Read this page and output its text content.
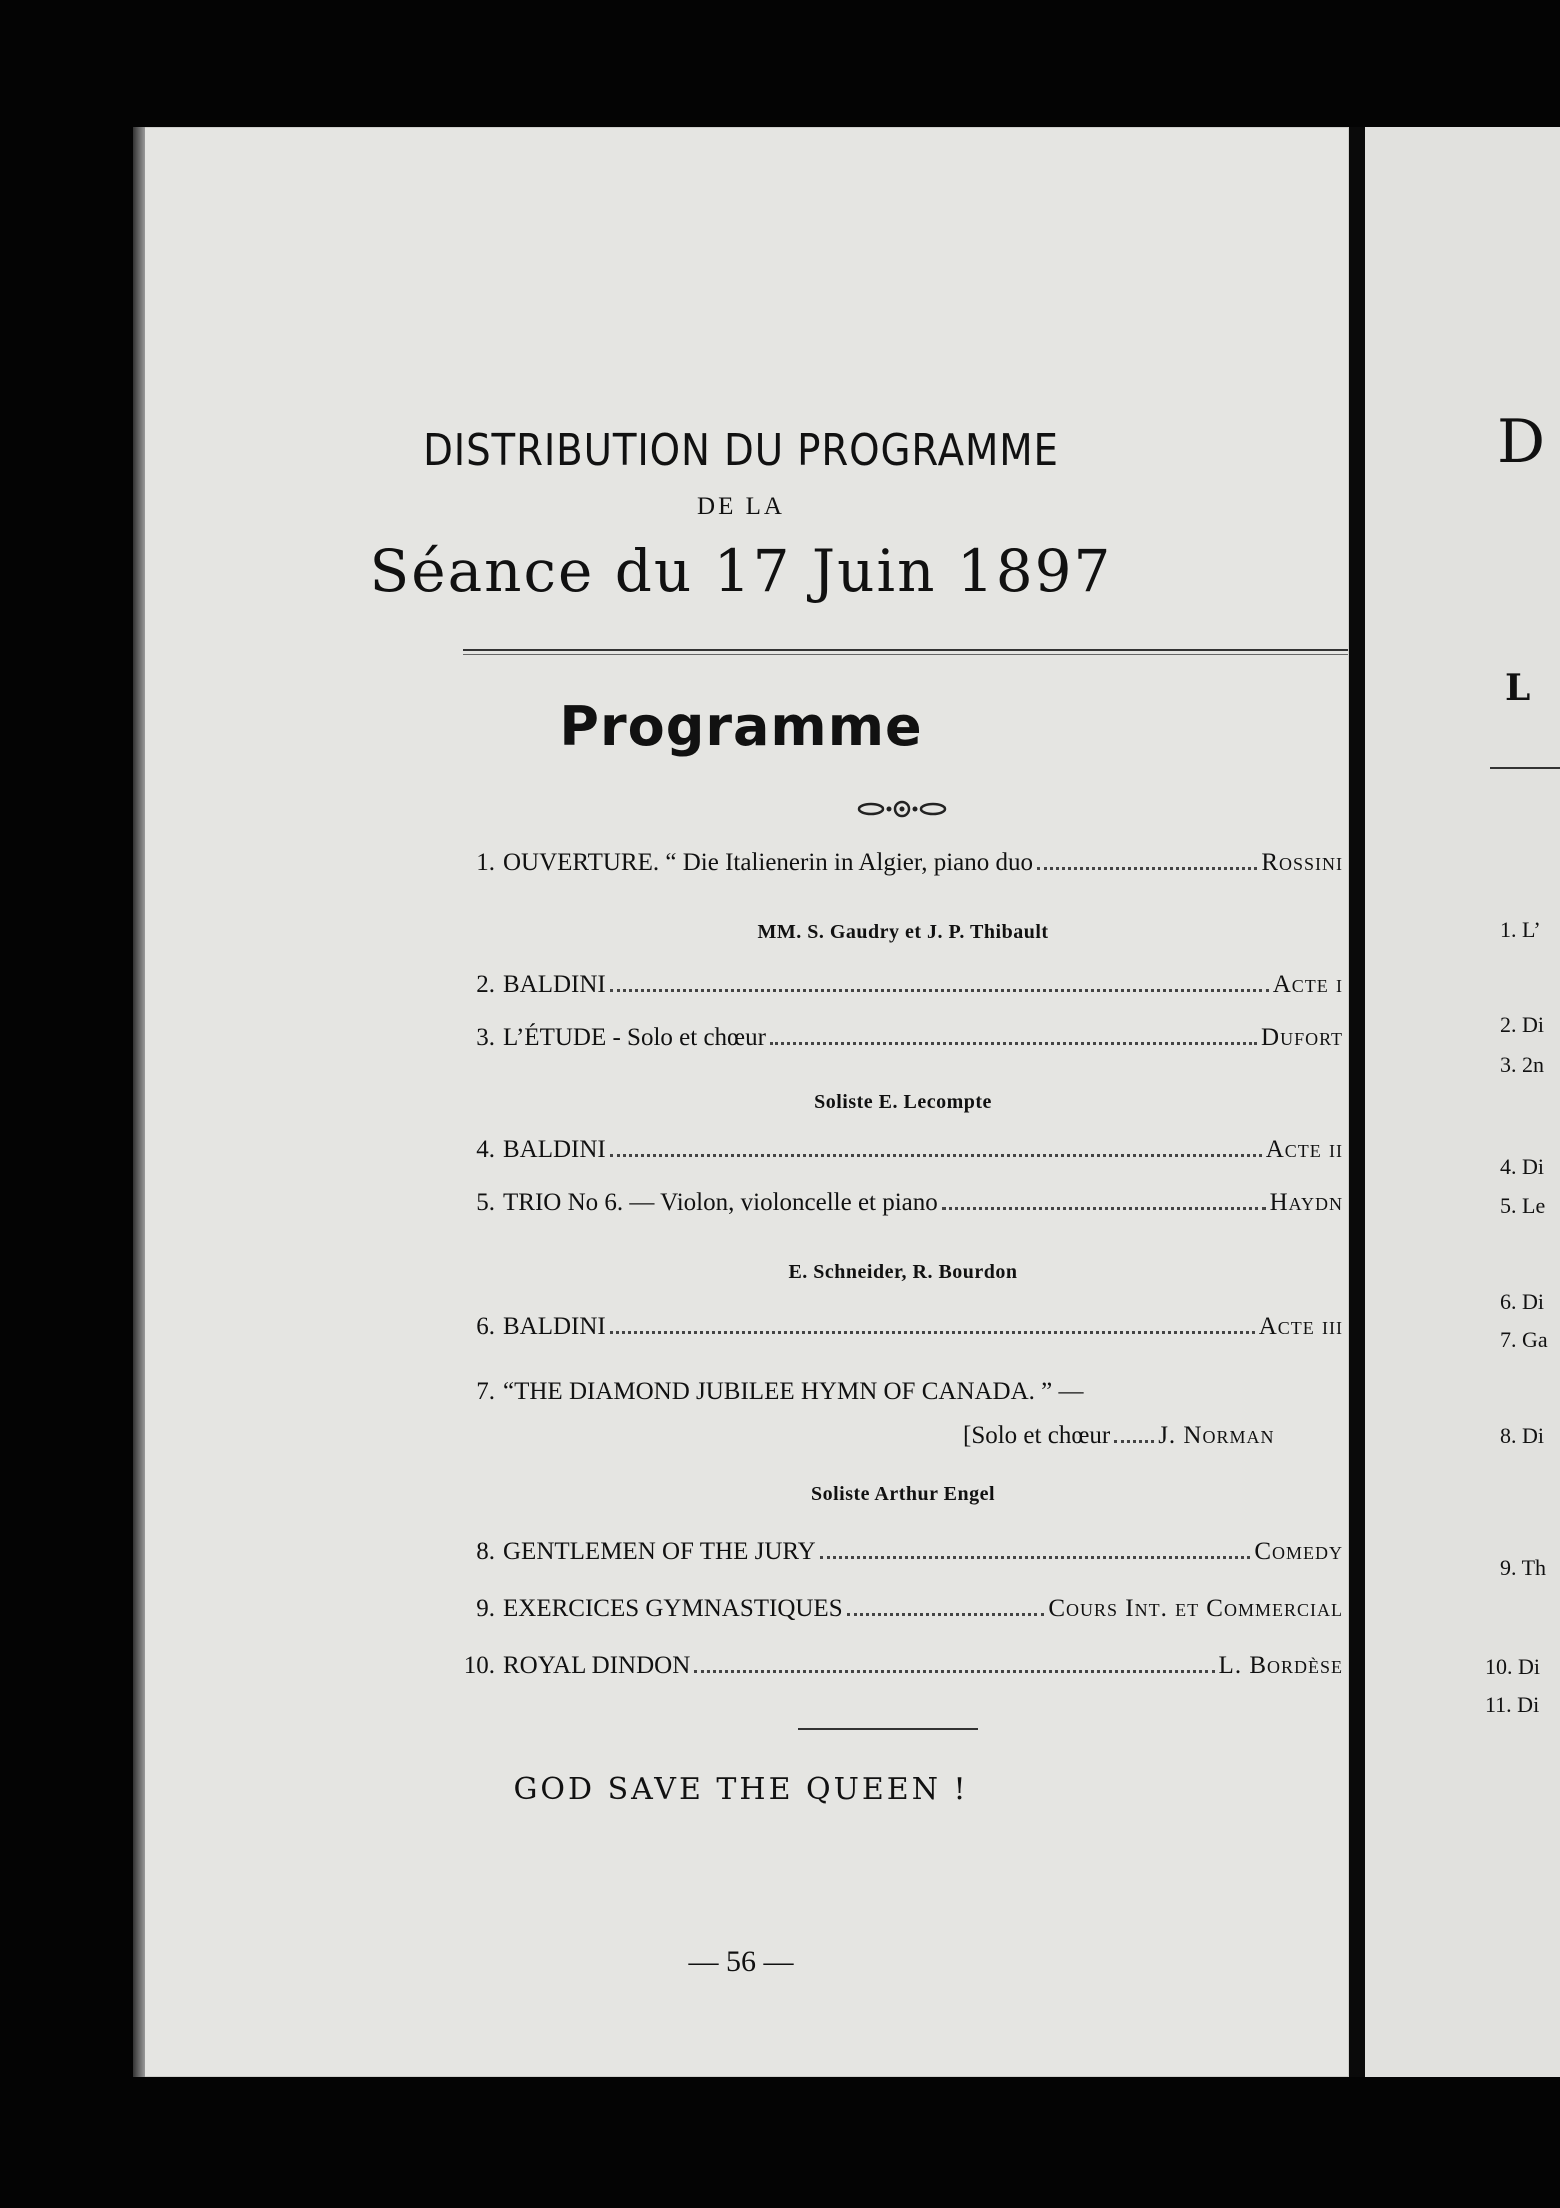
DISTRIBUTION DU PROGRAMME

DE LA

Séance du 17 Juin 1897

Programme

1. OUVERTURE. “ Die Italienerin in Algier, piano duo	Rossini
MM. S. Gaudry et J. P. Thibault
2. BALDINI	Acte i
3. L’ÉTUDE - Solo et chœur	Dufort
Soliste E. Lecompte
4. BALDINI	Acte ii
5. TRIO No 6. — Violon, violoncelle et piano	Haydn
E. Schneider, R. Bourdon
6. BALDINI	Acte iii
7. “THE DIAMOND JUBILEE HYMN OF CANADA. ” —
[Solo et chœur J. Norman
Soliste Arthur Engel
8. GENTLEMEN OF THE JURY	Comedy
9. EXERCICES GYMNASTIQUES	Cours Int. et Commercial
10. ROYAL DINDON	L. Bordèse

GOD SAVE THE QUEEN !

— 56 —

D
L
1. L’
2. Di
3. 2n
4. Di
5. Le
6. Di
7. Ga
8. Di
9. Th
10. Di
11. Di
